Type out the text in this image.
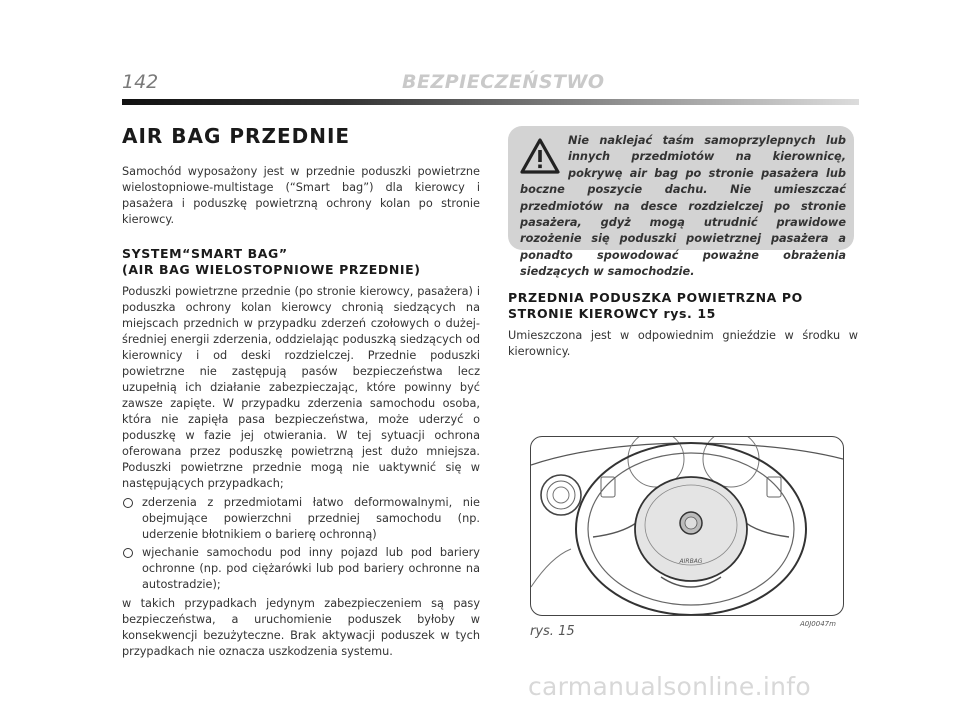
142	BEZPIECZEŃSTWO
AIR BAG PRZEDNIE

Samochód wyposażony jest w przednie poduszki powietrzne wielostopniowe-multistage (“Smart bag”) dla kierowcy i pasażera i poduszkę powietrzną ochrony kolan po stronie kierowcy.

SYSTEM“SMART BAG”
(AIR BAG WIELOSTOPNIOWE PRZEDNIE)

Poduszki powietrzne przednie (po stronie kierowcy, pasażera) i poduszka ochrony kolan kierowcy chronią siedzących na miejscach przednich w przypadku zderzeń czołowych o dużej-średniej energii zderzenia, oddzielając poduszką siedzących od kierownicy i od deski rozdzielczej. Przednie poduszki powietrzne nie zastępują pasów bezpieczeństwa lecz uzupełnią ich działanie zabezpieczając, które powinny być zawsze zapięte. W przypadku zderzenia samochodu osoba, która nie zapięła pasa bezpieczeństwa, może uderzyć o poduszkę w fazie jej otwierania. W tej sytuacji ochrona oferowana przez poduszkę powietrzną jest dużo mniejsza. Poduszki powietrzne przednie mogą nie uaktywnić się w następujących przypadkach;

zderzenia z przedmiotami łatwo deformowalnymi, nie obejmujące powierzchni przedniej samochodu (np. uderzenie błotnikiem o barierę ochronną)
wjechanie samochodu pod inny pojazd lub pod bariery ochronne (np. pod ciężarówki lub pod bariery ochronne na autostradzie);

w takich przypadkach jedynym zabezpieczeniem są pasy bezpieczeństwa, a uruchomienie poduszek byłoby w konsekwencji bezużyteczne. Brak aktywacji poduszek w tych przypadkach nie oznacza uszkodzenia systemu.

Nie naklejać taśm samoprzylepnych lub innych przedmiotów na kierownicę, pokrywę air bag po stronie pasażera lub boczne poszycie dachu. Nie umieszczać przedmiotów na desce rozdzielczej po stronie pasażera, gdyż mogą utrudnić prawidowe rozożenie się poduszki powietrznej pasażera a ponadto spowodować poważne obrażenia siedzących w samochodzie.

PRZEDNIA PODUSZKA POWIETRZNA PO
STRONIE KIEROWCY rys. 15

Umieszczona jest w odpowiednim gnieździe w środku w kierownicy.

AIRBAG
A0J0047m
rys. 15
carmanualsonline.info
